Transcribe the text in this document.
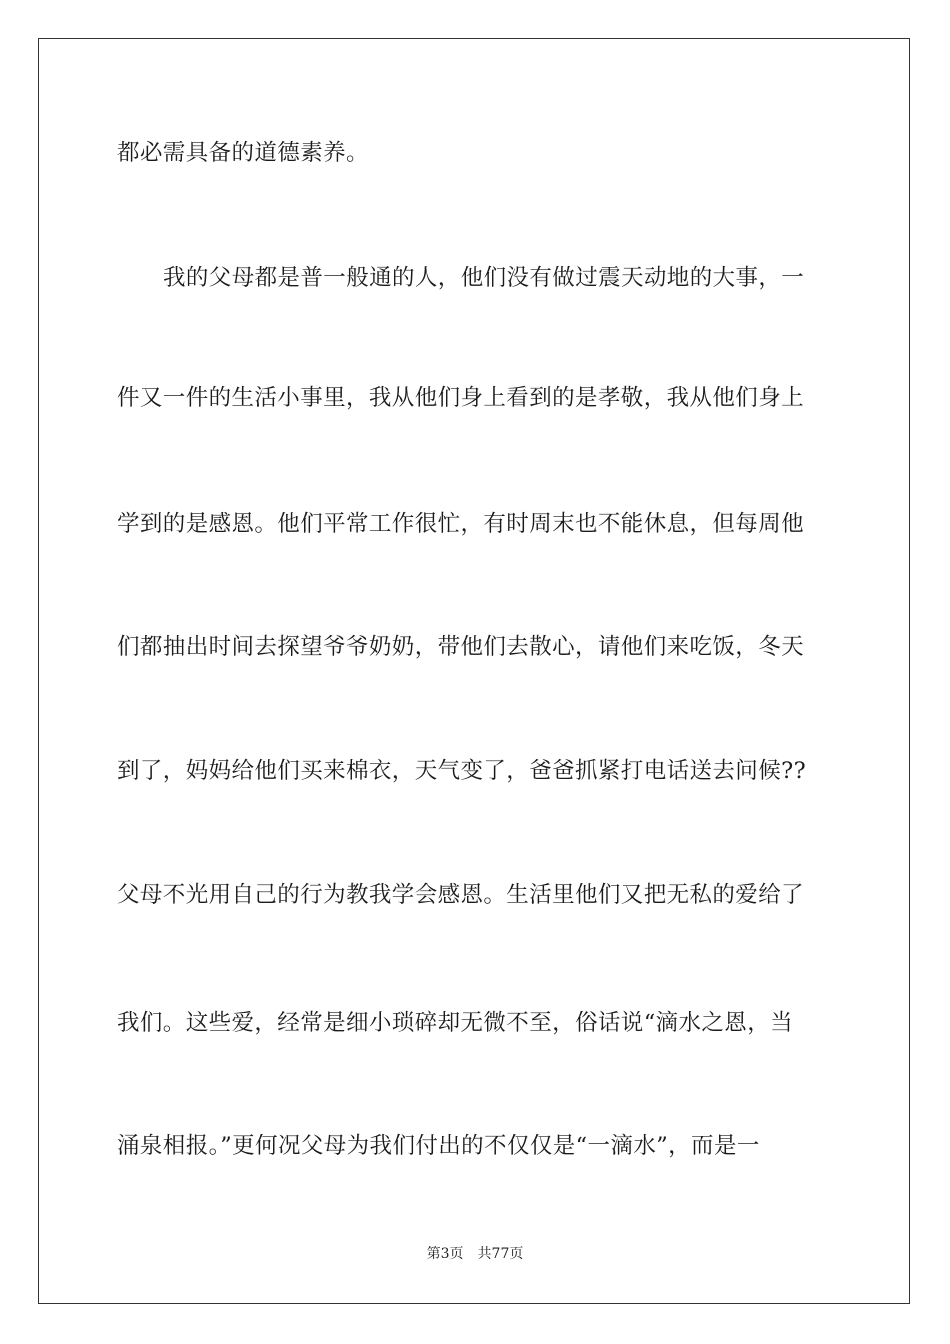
都必需具备的道德素养。

我的父母都是普一般通的人，他们没有做过震天动地的大事，一

件又一件的生活小事里，我从他们身上看到的是孝敬，我从他们身上

学到的是感恩。他们平常工作很忙，有时周末也不能休息，但每周他

们都抽出时间去探望爷爷奶奶，带他们去散心，请他们来吃饭，冬天

到了，妈妈给他们买来棉衣，天气变了，爸爸抓紧打电话送去问候??

父母不光用自己的行为教我学会感恩。生活里他们又把无私的爱给了

我们。这些爱，经常是细小琐碎却无微不至，俗话说“滴水之恩，当

涌泉相报。”更何况父母为我们付出的不仅仅是“一滴水”，而是一

第3页 共77页
